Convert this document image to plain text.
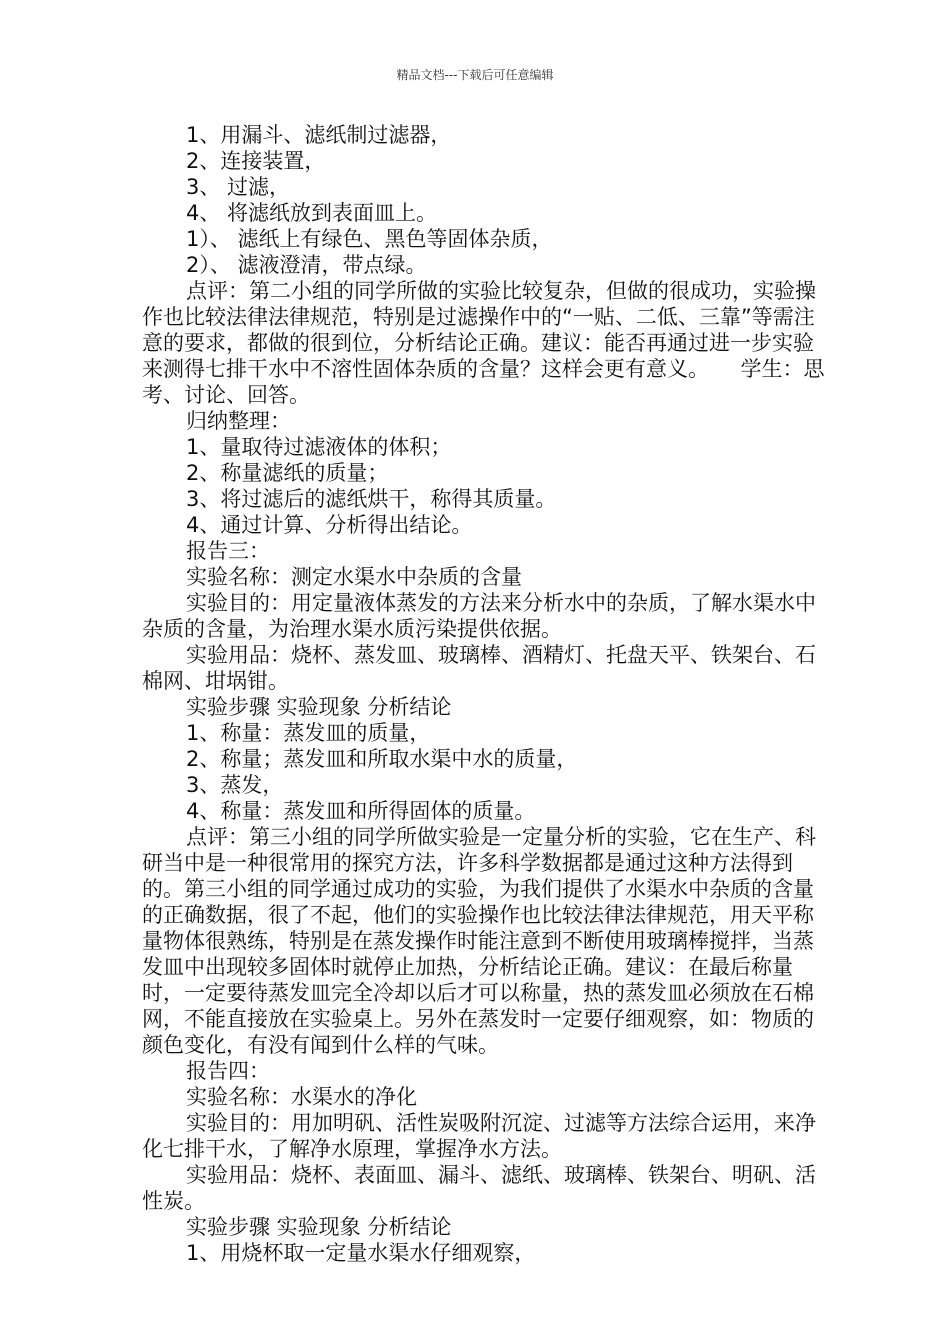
精品文档---下载后可任意编辑

1、用漏斗、滤纸制过滤器，

2、连接装置，

3、 过滤，

4、 将滤纸放到表面皿上。

1）、 滤纸上有绿色、黑色等固体杂质，

2）、 滤液澄清，带点绿。

点评：第二小组的同学所做的实验比较复杂，但做的很成功，实验操作也比较法律法律规范，特别是过滤操作中的“一贴、二低、三靠”等需注意的要求，都做的很到位，分析结论正确。建议：能否再通过进一步实验来测得七排干水中不溶性固体杂质的含量？这样会更有意义。　　学生：思考、讨论、回答。

归纳整理：

1、量取待过滤液体的体积；

2、称量滤纸的质量；

3、将过滤后的滤纸烘干，称得其质量。

4、通过计算、分析得出结论。

报告三：

实验名称：测定水渠水中杂质的含量

实验目的：用定量液体蒸发的方法来分析水中的杂质，了解水渠水中杂质的含量，为治理水渠水质污染提供依据。

实验用品：烧杯、蒸发皿、玻璃棒、酒精灯、托盘天平、铁架台、石棉网、坩埚钳。

实验步骤 实验现象 分析结论

1、称量：蒸发皿的质量，

2、称量；蒸发皿和所取水渠中水的质量，

3、蒸发，

4、称量：蒸发皿和所得固体的质量。

点评：第三小组的同学所做实验是一定量分析的实验，它在生产、科研当中是一种很常用的探究方法，许多科学数据都是通过这种方法得到的。第三小组的同学通过成功的实验，为我们提供了水渠水中杂质的含量的正确数据，很了不起，他们的实验操作也比较法律法律规范，用天平称量物体很熟练，特别是在蒸发操作时能注意到不断使用玻璃棒搅拌，当蒸发皿中出现较多固体时就停止加热，分析结论正确。建议：在最后称量时，一定要待蒸发皿完全冷却以后才可以称量，热的蒸发皿必须放在石棉网，不能直接放在实验桌上。另外在蒸发时一定要仔细观察，如：物质的颜色变化，有没有闻到什么样的气味。

报告四：

实验名称：水渠水的净化

实验目的：用加明矾、活性炭吸附沉淀、过滤等方法综合运用，来净化七排干水，了解净水原理，掌握净水方法。

实验用品：烧杯、表面皿、漏斗、滤纸、玻璃棒、铁架台、明矾、活性炭。

实验步骤 实验现象 分析结论

1、用烧杯取一定量水渠水仔细观察，
